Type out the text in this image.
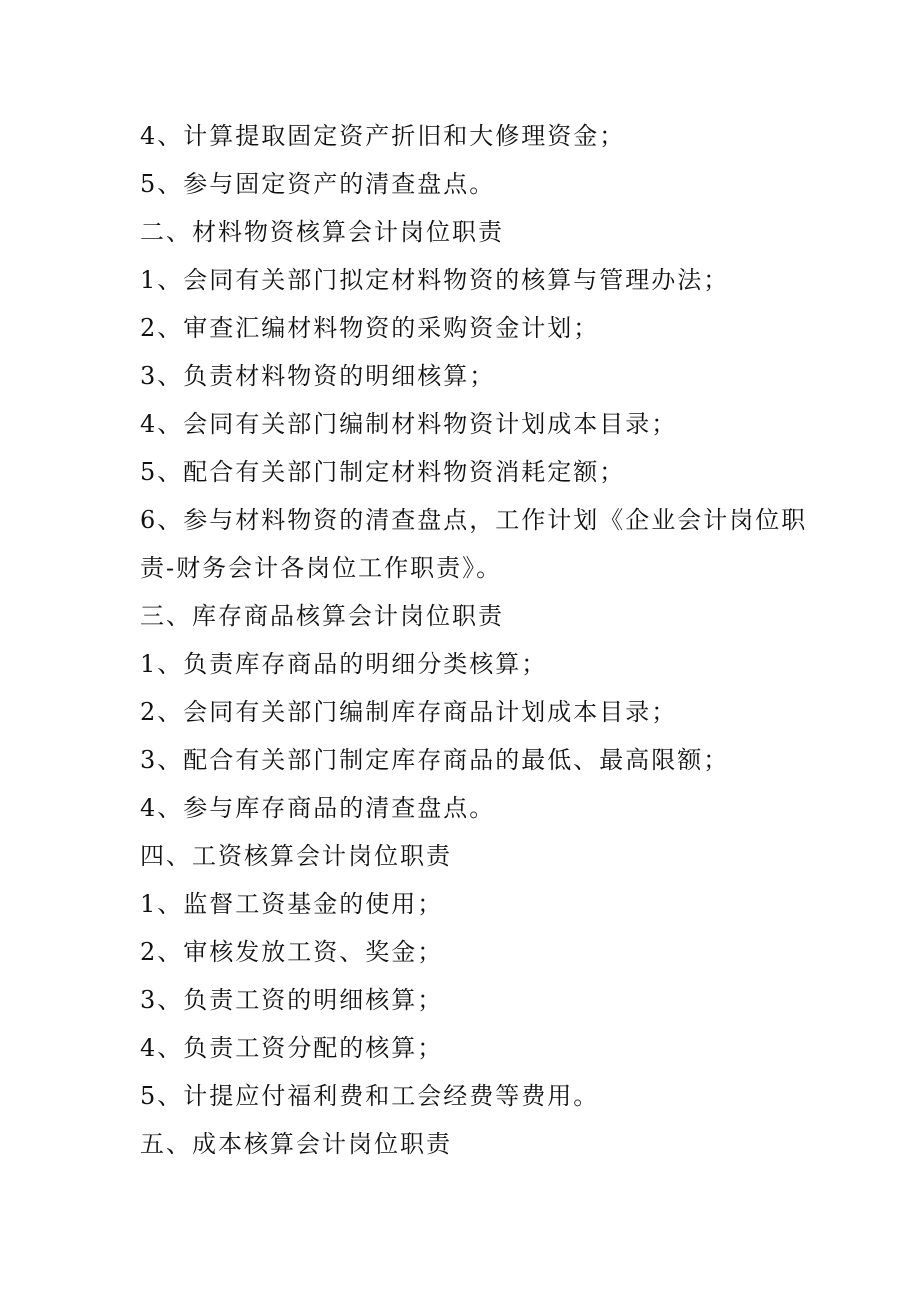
4、计算提取固定资产折旧和大修理资金；
5、参与固定资产的清查盘点。
二、材料物资核算会计岗位职责
1、会同有关部门拟定材料物资的核算与管理办法；
2、审查汇编材料物资的采购资金计划；
3、负责材料物资的明细核算；
4、会同有关部门编制材料物资计划成本目录；
5、配合有关部门制定材料物资消耗定额；
6、参与材料物资的清查盘点，工作计划《企业会计岗位职
责-财务会计各岗位工作职责》。
三、库存商品核算会计岗位职责
1、负责库存商品的明细分类核算；
2、会同有关部门编制库存商品计划成本目录；
3、配合有关部门制定库存商品的最低、最高限额；
4、参与库存商品的清查盘点。
四、工资核算会计岗位职责
1、监督工资基金的使用；
2、审核发放工资、奖金；
3、负责工资的明细核算；
4、负责工资分配的核算；
5、计提应付福利费和工会经费等费用。
五、成本核算会计岗位职责
